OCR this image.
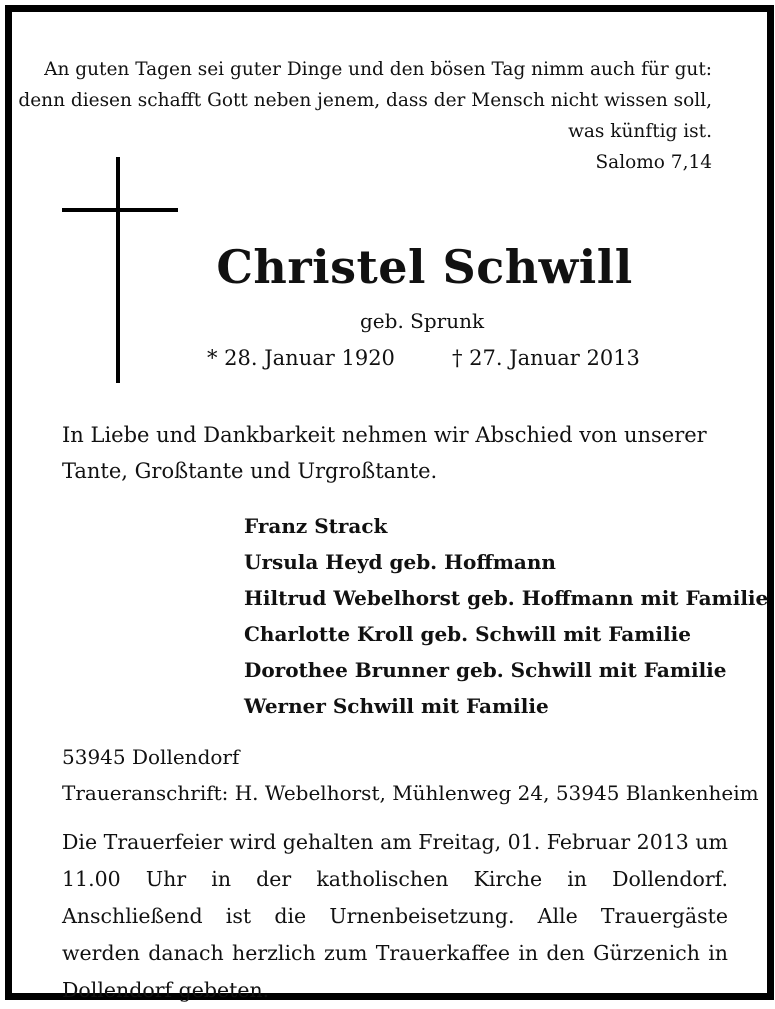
An guten Tagen sei guter Dinge und den bösen Tag nimm auch für gut:
denn diesen schafft Gott neben jenem, dass der Mensch nicht wissen soll,
was künftig ist.
Salomo 7,14
Christel Schwill
geb. Sprunk
* 28. Januar 1920	† 27. Januar 2013
In Liebe und Dankbarkeit nehmen wir Abschied von unserer Tante, Großtante und Urgroßtante.
Franz Strack
Ursula Heyd geb. Hoffmann
Hiltrud Webelhorst geb. Hoffmann mit Familie
Charlotte Kroll geb. Schwill mit Familie
Dorothee Brunner geb. Schwill mit Familie
Werner Schwill mit Familie
53945 Dollendorf
Traueranschrift: H. Webelhorst, Mühlenweg 24, 53945 Blankenheim
Die Trauerfeier wird gehalten am Freitag, 01. Februar 2013 um 11.00 Uhr in der katholischen Kirche in Dollendorf. Anschließend ist die Urnenbeisetzung. Alle Trauergäste werden danach herzlich zum Trauerkaffee in den Gürzenich in Dollendorf gebeten.
